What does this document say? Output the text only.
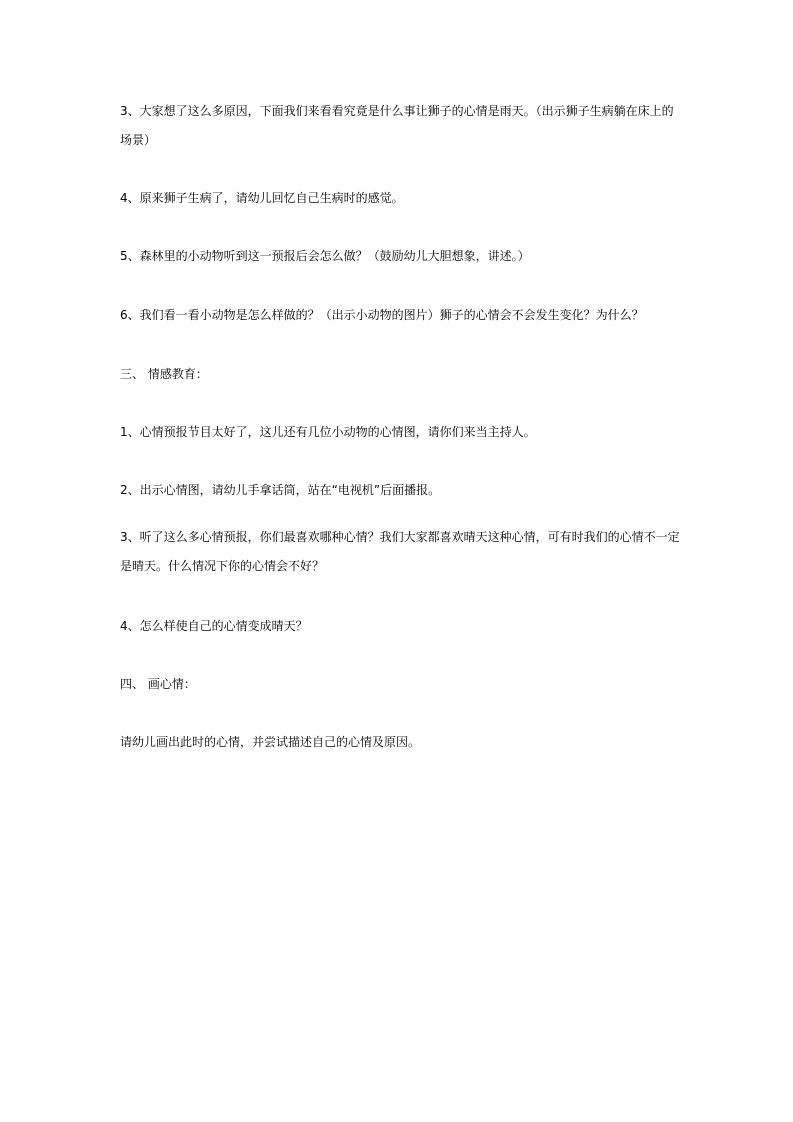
3、大家想了这么多原因，下面我们来看看究竟是什么事让狮子的心情是雨天。（出示狮子生病躺在床上的

场景）

4、原来狮子生病了，请幼儿回忆自己生病时的感觉。

5、森林里的小动物听到这一预报后会怎么做？（鼓励幼儿大胆想象，讲述。）

6、我们看一看小动物是怎么样做的？（出示小动物的图片）狮子的心情会不会发生变化？为什么？

三、 情感教育：

1、心情预报节目太好了，这儿还有几位小动物的心情图，请你们来当主持人。

2、出示心情图，请幼儿手拿话筒，站在“电视机”后面播报。

3、听了这么多心情预报，你们最喜欢哪种心情？我们大家都喜欢晴天这种心情，可有时我们的心情不一定

是晴天。什么情况下你的心情会不好？

4、怎么样使自己的心情变成晴天？

四、 画心情：

请幼儿画出此时的心情，并尝试描述自己的心情及原因。
